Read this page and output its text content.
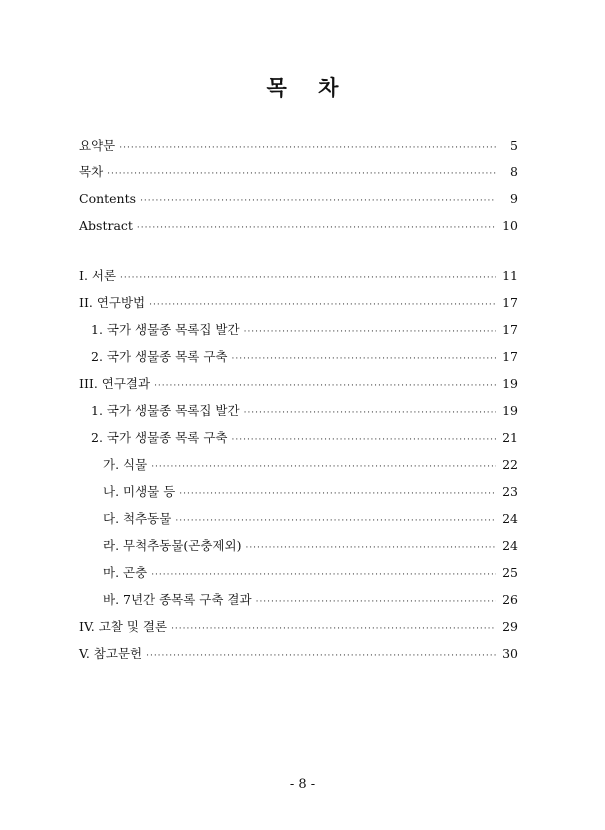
목 차
요약문 ·····	5
목차 ·····	8
Contents ·····	9
Abstract ·····	10
I. 서론 ·····	11
II. 연구방법 ·····	17
1. 국가 생물종 목록집 발간 ·····	17
2. 국가 생물종 목록 구축 ·····	17
III. 연구결과 ·····	19
1. 국가 생물종 목록집 발간 ·····	19
2. 국가 생물종 목록 구축 ·····	21
가. 식물 ·····	22
나. 미생물 등 ·····	23
다. 척추동물 ·····	24
라. 무척추동물(곤충제외) ·····	24
마. 곤충 ·····	25
바. 7년간 종목록 구축 결과 ·····	26
IV. 고찰 및 결론 ·····	29
V. 참고문헌 ·····	30
- 8 -
